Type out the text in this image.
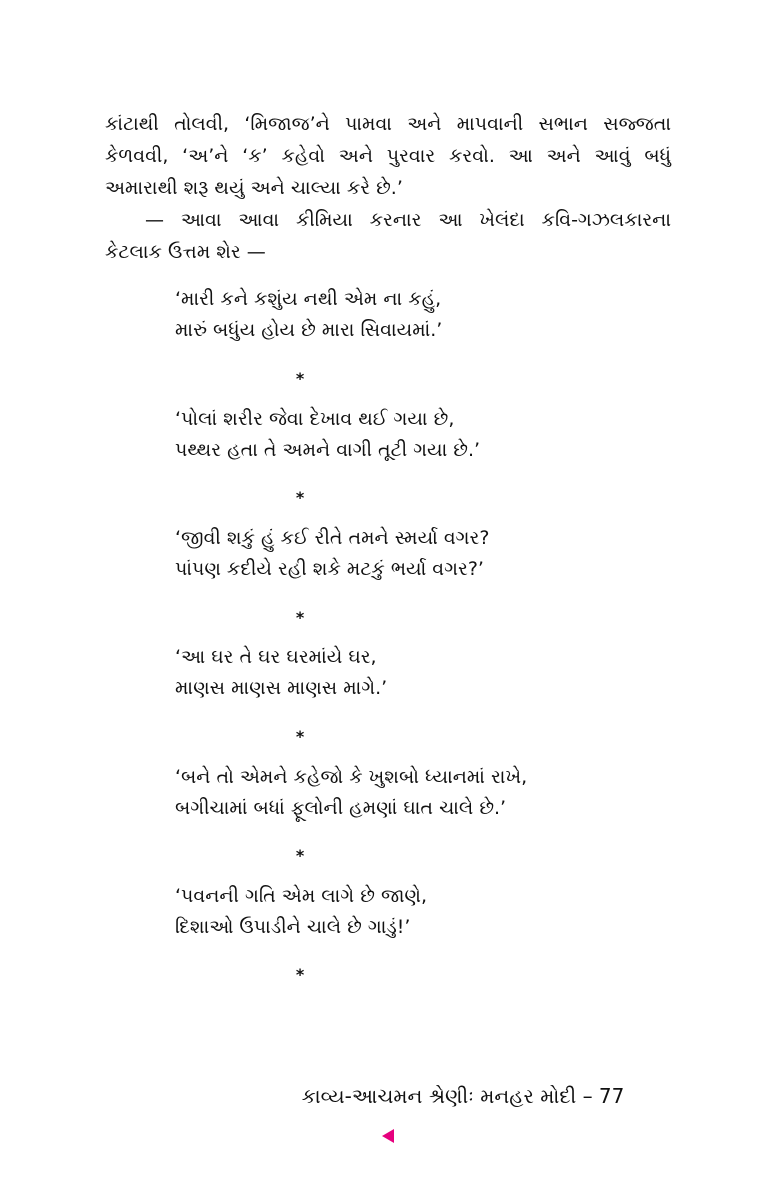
કાંટાથી તોલવી, ‘મિજાજ’ને પામવા અને માપવાની સભાન સજ્જતા
કેળવવી, ‘અ’ને ‘ક’ કહેવો અને પુરવાર કરવો. આ અને આવું બધું
અમારાથી શરૂ થયું અને ચાલ્યા કરે છે.’
— આવા આવા કીમિયા કરનાર આ ખેલંદા કવિ-ગઝલકારના
કેટલાક ઉત્તમ શેર —
‘મારી કને કશુંય નથી એમ ના કહું,
મારું બધુંય હોય છે મારા સિવાયમાં.’
*
‘પોલાં શરીર જેવા દેખાવ થઈ ગયા છે,
પથ્થર હતા તે અમને વાગી તૂટી ગયા છે.’
*
‘જીવી શકું હું કઈ રીતે તમને સ્મર્યા વગર?
પાંપણ કદીયે રહી શકે મટકું ભર્યા વગર?’
*
‘આ ઘર તે ઘર ઘરમાંયે ઘર,
માણસ માણસ માણસ માગે.’
*
‘બને તો એમને કહેજો કે ખુશબો ધ્યાનમાં રાખે,
બગીચામાં બધાં ફૂલોની હમણાં ઘાત ચાલે છે.’
*
‘પવનની ગતિ એમ લાગે છે જાણે,
દિશાઓ ઉપાડીને ચાલે છે ગાડું!’
*
કાવ્ય-આચમન શ્રેણીઃ મનહર મોદી – 77
